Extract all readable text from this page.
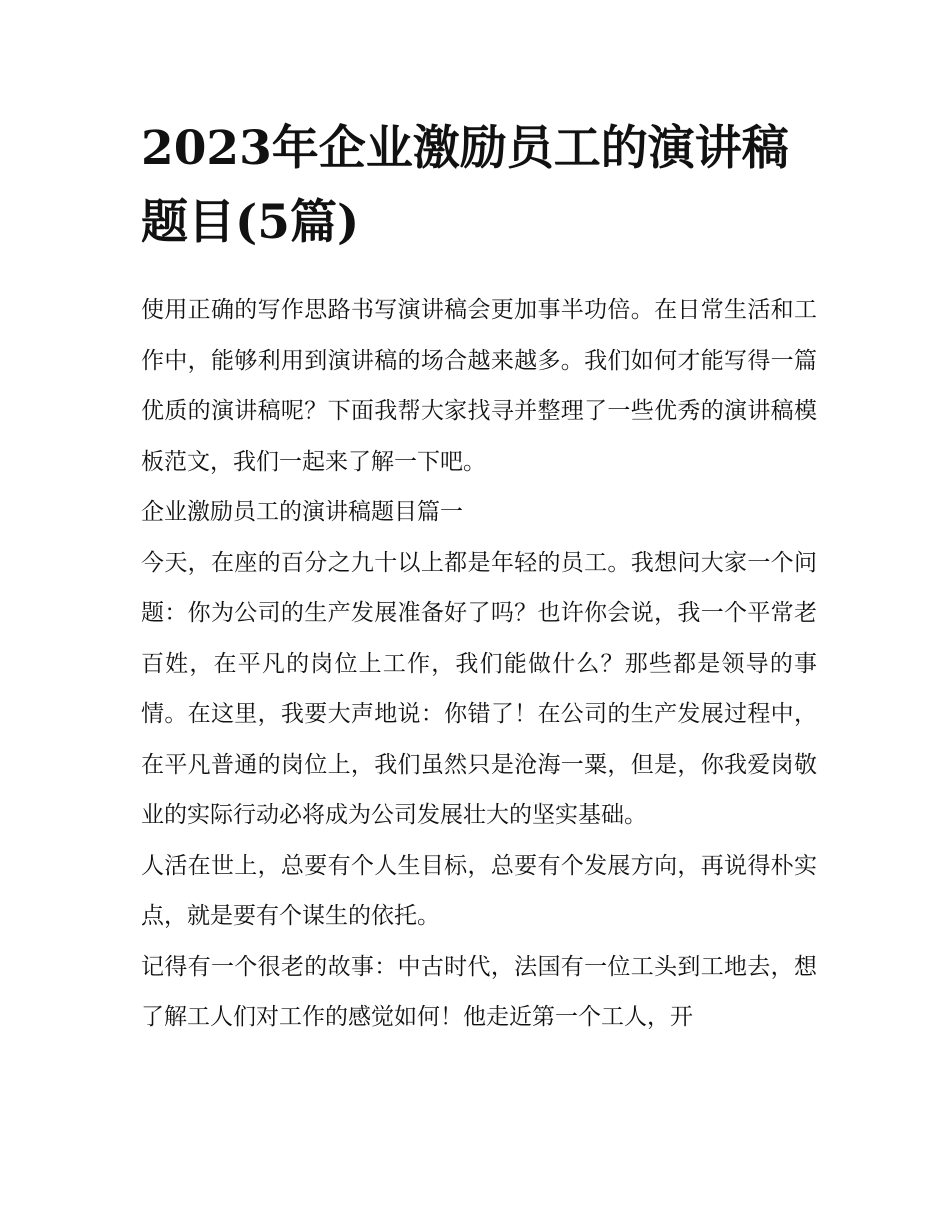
2023年企业激励员工的演讲稿题目(5篇)

使用正确的写作思路书写演讲稿会更加事半功倍。在日常生活和工作中，能够利用到演讲稿的场合越来越多。我们如何才能写得一篇优质的演讲稿呢？下面我帮大家找寻并整理了一些优秀的演讲稿模板范文，我们一起来了解一下吧。

企业激励员工的演讲稿题目篇一

今天，在座的百分之九十以上都是年轻的员工。我想问大家一个问题：你为公司的生产发展准备好了吗？也许你会说，我一个平常老百姓，在平凡的岗位上工作，我们能做什么？那些都是领导的事情。在这里，我要大声地说：你错了！在公司的生产发展过程中，在平凡普通的岗位上，我们虽然只是沧海一粟，但是，你我爱岗敬业的实际行动必将成为公司发展壮大的坚实基础。

人活在世上，总要有个人生目标，总要有个发展方向，再说得朴实点，就是要有个谋生的依托。

记得有一个很老的故事：中古时代，法国有一位工头到工地去，想了解工人们对工作的感觉如何！他走近第一个工人，开
